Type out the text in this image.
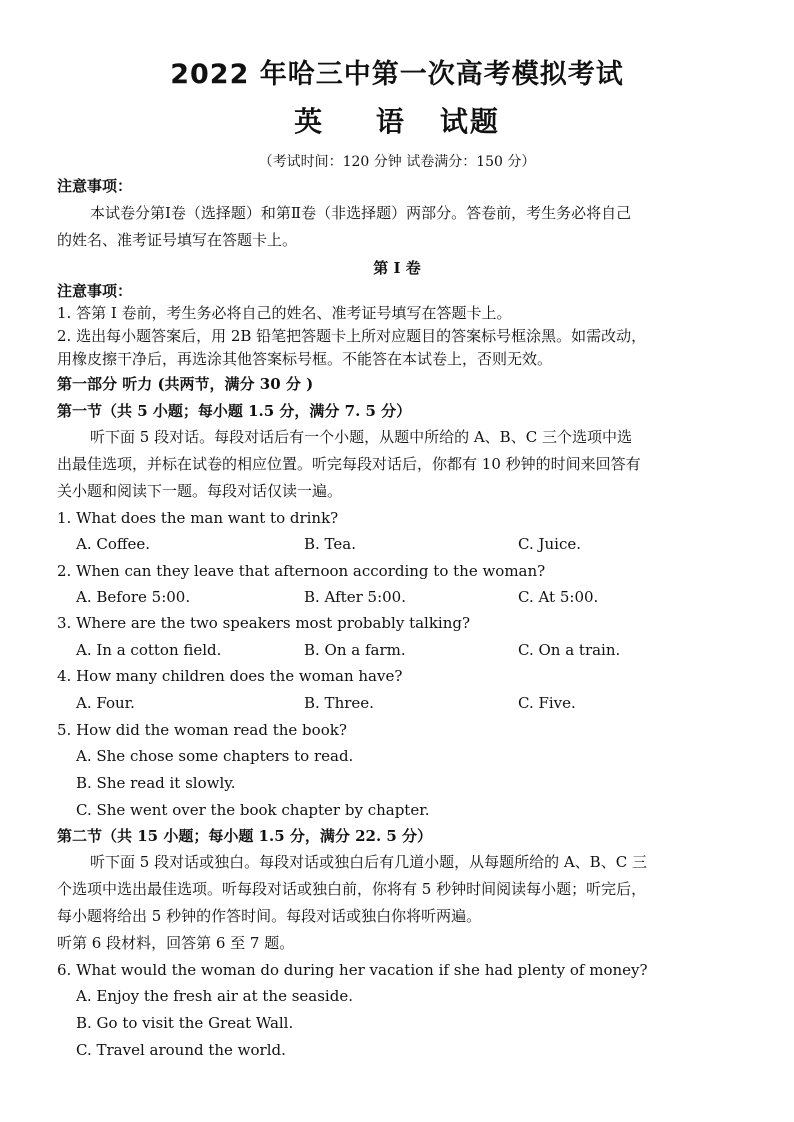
2022 年哈三中第一次高考模拟考试
英 语 试题
（考试时间：120 分钟 试卷满分：150 分）
注意事项：
本试卷分第Ⅰ卷（选择题）和第Ⅱ卷（非选择题）两部分。答卷前，考生务必将自己
的姓名、准考证号填写在答题卡上。
第 I 卷
注意事项：
1. 答第 I 卷前，考生务必将自己的姓名、准考证号填写在答题卡上。
2. 选出每小题答案后，用 2B 铅笔把答题卡上所对应题目的答案标号框涂黑。如需改动，
用橡皮擦干净后，再选涂其他答案标号框。不能答在本试卷上，否则无效。
第一部分 听力 (共两节，满分 30 分 )
第一节（共 5 小题；每小题 1.5 分，满分 7. 5 分）
听下面 5 段对话。每段对话后有一个小题，从题中所给的 A、B、C 三个选项中选
出最佳选项，并标在试卷的相应位置。听完每段对话后，你都有 10 秒钟的时间来回答有
关小题和阅读下一题。每段对话仅读一遍。
1. What does the man want to drink?
A. Coffee.	B. Tea.	C. Juice.
2. When can they leave that afternoon according to the woman?
A. Before 5:00.	B. After 5:00.	C. At 5:00.
3. Where are the two speakers most probably talking?
A. In a cotton field.	B. On a farm.	C. On a train.
4. How many children does the woman have?
A. Four.	B. Three.	C. Five.
5. How did the woman read the book?
A. She chose some chapters to read.
B. She read it slowly.
C. She went over the book chapter by chapter.
第二节（共 15 小题；每小题 1.5 分，满分 22. 5 分）
听下面 5 段对话或独白。每段对话或独白后有几道小题，从每题所给的 A、B、C 三
个选项中选出最佳选项。听每段对话或独白前，你将有 5 秒钟时间阅读每小题；听完后，
每小题将给出 5 秒钟的作答时间。每段对话或独白你将听两遍。
听第 6 段材料，回答第 6 至 7 题。
6. What would the woman do during her vacation if she had plenty of money?
A. Enjoy the fresh air at the seaside.
B. Go to visit the Great Wall.
C. Travel around the world.
